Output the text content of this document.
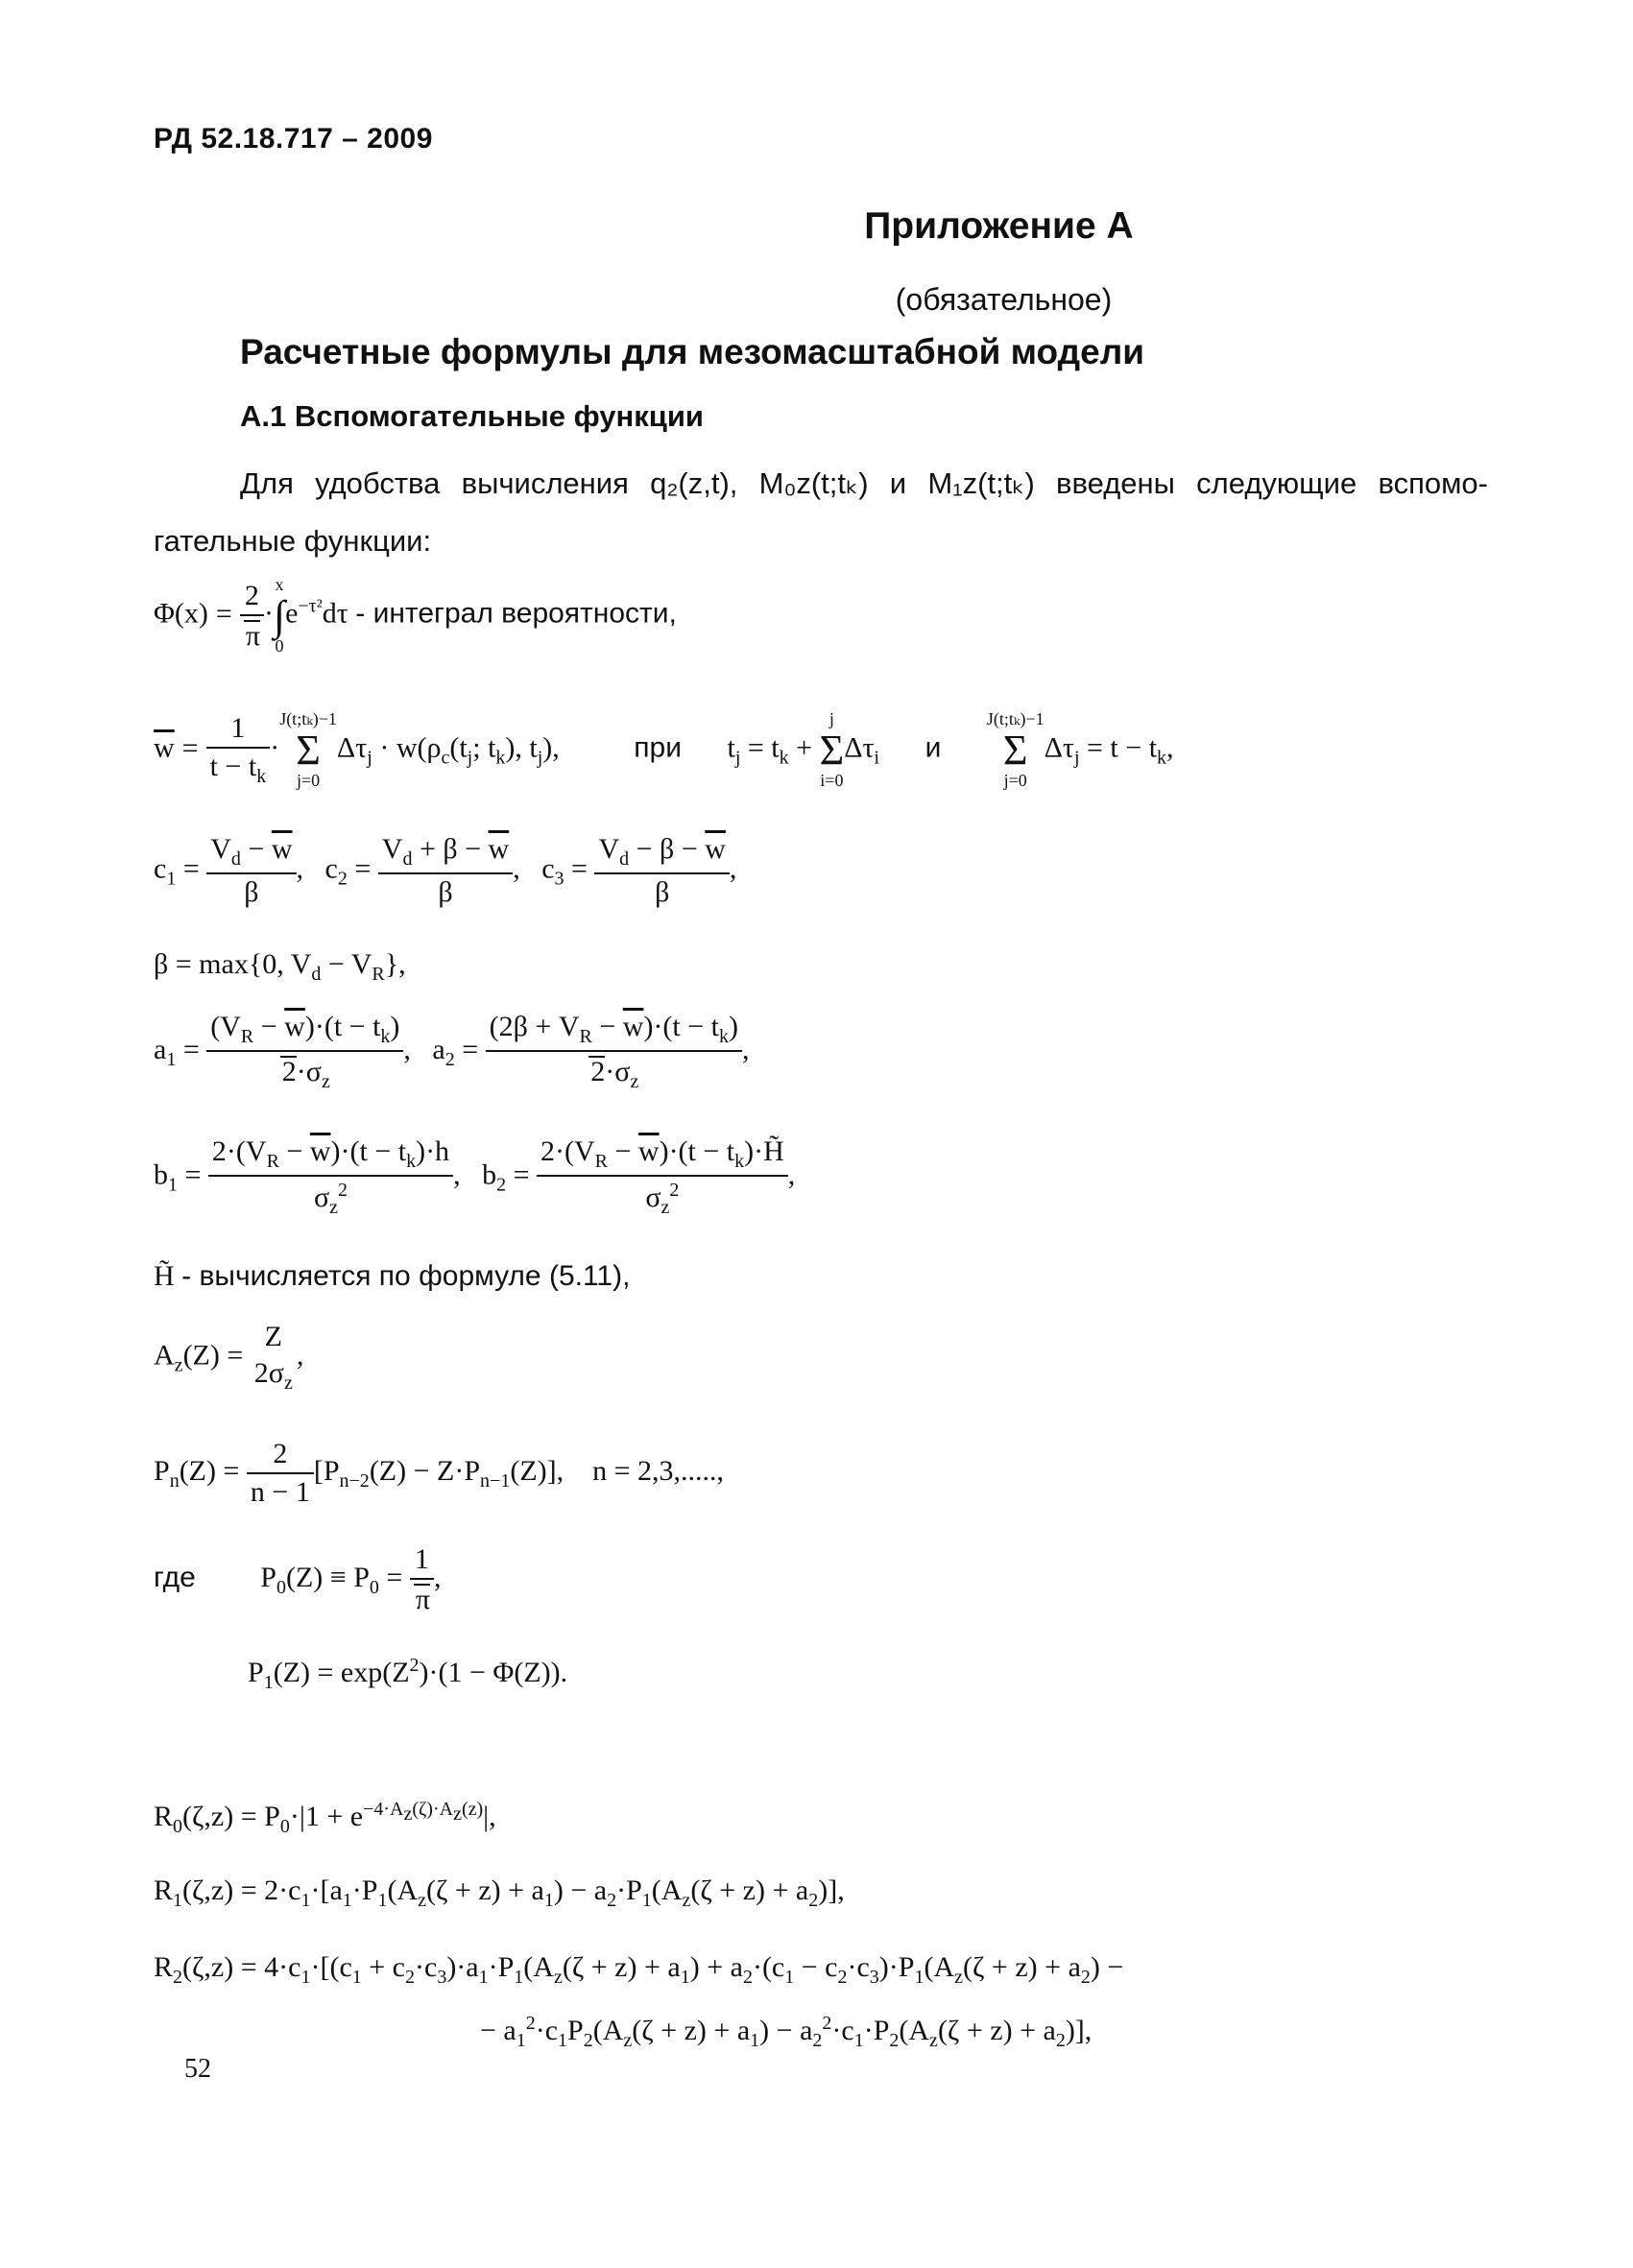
РД 52.18.717 – 2009
Приложение А
(обязательное)
Расчетные формулы для мезомасштабной модели
А.1 Вспомогательные функции
Для удобства вычисления q₂(z,t), M₀z(t;tₖ) и M₁z(t;tₖ) введены следующие вспомо-
гательные функции:
$\Phi(x) = \frac{2}{\pi} \cdot x$
∫
$0e^{-\tau^2}d\tau$ - интеграл вероятности,
$\overline{w} = \frac{1}{t - t_k}$ ·J(t;tₖ)−1
Σ
$j=0\Delta\tau_j \cdot w(\rho_c(t_j$; $t_k$), $t_j$),	при $t_j = t_k + j$
Σ
$i=0\Delta\tau_i$ и J(t;tₖ)−1
Σ
$j=0\Delta\tau_j = t - t_k$,
$c_1 = \frac{V_d - \overline{w}}{\beta}$ ,   $c_2 = \frac{V_d + \beta - \overline{w}}{\beta}$ ,   $c_3 = \frac{V_d - \beta - \overline{w}}{\beta}$ ,
β = max{0, $V_d - V_R$},
$a_1 = \frac{(V_R - \overline{w})\cdot(t - t_k)}{2\cdot\sigma_z}$ ,   $a_2 = \frac{(2\beta + V_R - \overline{w})\cdot(t - t_k)}{2\cdot\sigma_z}$ ,
$b_1 = \frac{2\cdot(V_R - \overline{w})\cdot(t - t_k)\cdot h}{\sigma_z^2}$ ,   $b_2 = \frac{2\cdot(V_R - \overline{w})\cdot(t - t_k)\cdot H̃}{\sigma_z^2}$ ,
H̃ - вычисляется по формуле (5.11),
$A_z(Z)$ =
Z
$2\sigma_z$
,
$P_n(Z) = \frac{2}{n - 1} [P_{n-2}(Z) - Z\cdot P_{n-1}(Z)]$,    n = 2,3,.....,
где $P_0(Z) \equiv P_0 = \frac{1}{\pi}$ ,
$P_1(Z) = \exp(Z^2)\cdot(1 - \Phi(Z))$.
$R_0(\zeta,z) = P_0\cdot|1 + e^{-4\cdot A_z(\zeta)\cdot A_z(z)}|$,
$R_1(\zeta,z) = 2\cdot c_1\cdot[a_1\cdot P_1(A_z(\zeta + z) + a_1) - a_2\cdot P_1(A_z(\zeta + z) + a_2)]$,
$R_2(\zeta,z) = 4\cdot c_1\cdot[(c_1 + c_2\cdot c_3)\cdot a_1\cdot P_1(A_z(\zeta + z) + a_1) + a_2\cdot(c_1 - c_2\cdot c_3)\cdot P_1(A_z(\zeta + z) + a_2)$ −
− $a_1^2\cdot c_1P_2(A_z(\zeta + z) + a_1) - a_2^2\cdot c_1\cdot P_2(A_z(\zeta + z) + a_2)$],
52
